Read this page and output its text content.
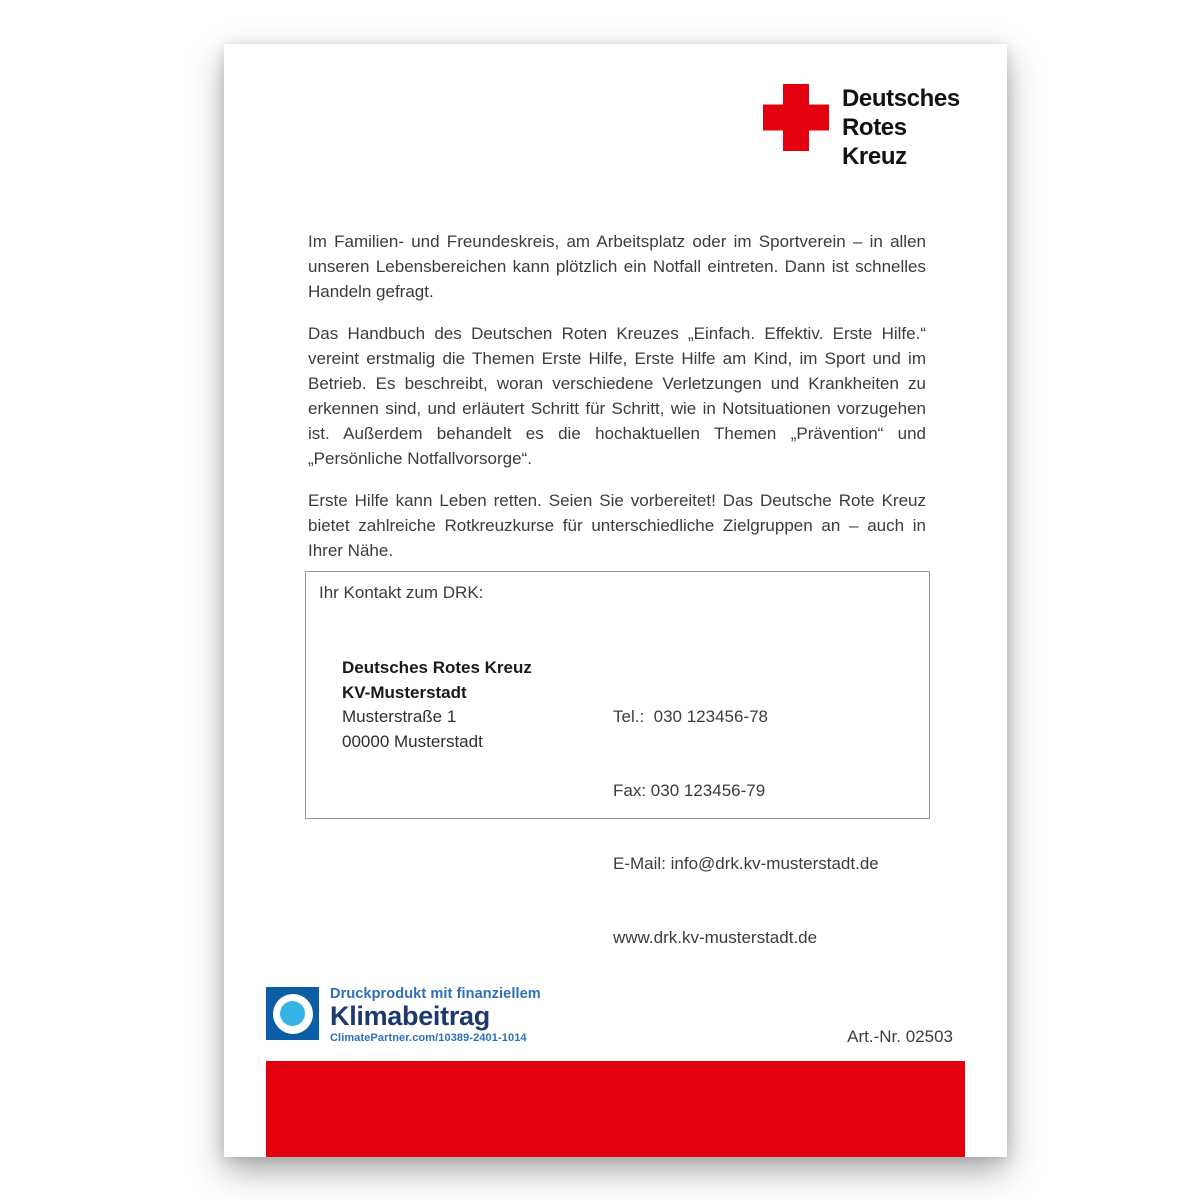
Deutsches
Rotes
Kreuz

Im Familien- und Freundeskreis, am Arbeitsplatz oder im Sportverein – in allen unseren Lebensbereichen kann plötzlich ein Notfall eintreten. Dann ist schnelles Handeln gefragt.

Das Handbuch des Deutschen Roten Kreuzes „Einfach. Effektiv. Erste Hilfe.“ vereint erstmalig die Themen Erste Hilfe, Erste Hilfe am Kind, im Sport und im Betrieb. Es beschreibt, woran verschiedene Verletzungen und Krankheiten zu erkennen sind, und erläutert Schritt für Schritt, wie in Notsituationen vorzugehen ist. Außerdem behandelt es die hochaktuellen Themen „Prävention“ und „Persönliche Notfallvorsorge“.

Erste Hilfe kann Leben retten. Seien Sie vorbereitet! Das Deutsche Rote Kreuz bietet zahlreiche Rotkreuzkurse für unterschiedliche Zielgruppen an – auch in Ihrer Nähe.

Ihr Kontakt zum DRK:
Deutsches Rotes Kreuz
KV-Musterstadt
Musterstraße 1
00000 Musterstadt

Tel.:  030 123456-78

Fax: 030 123456-79

E-Mail: info@drk.kv-musterstadt.de

www.drk.kv-musterstadt.de

Druckprodukt mit finanziellem
Klimabeitrag
ClimatePartner.com/10389-2401-1014	Art.-Nr. 02503
